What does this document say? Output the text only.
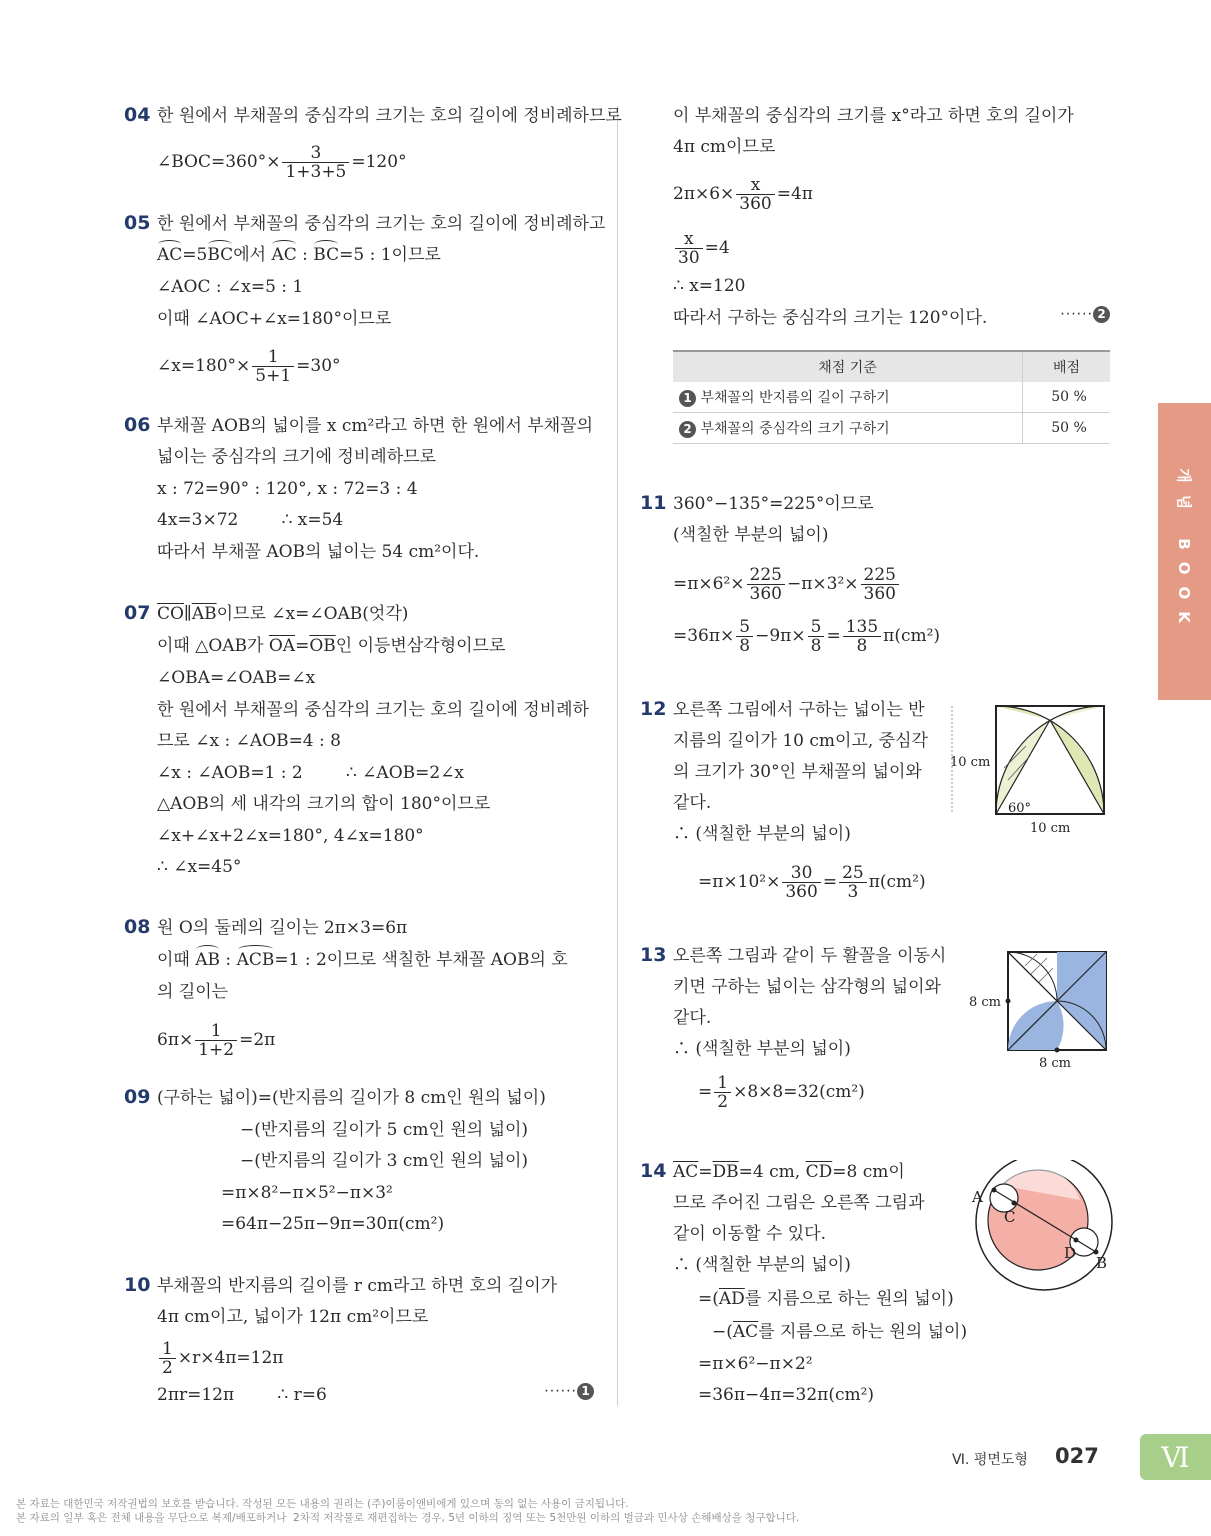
04 한 원에서 부채꼴의 중심각의 크기는 호의 길이에 정비례하므로
∠BOC=360°× $\frac{3}{1+3+5} =120^\circ$
05 한 원에서 부채꼴의 중심각의 크기는 호의 길이에 정비례하고
AC=5BC에서 AC : BC=5 : 1이므로
∠AOC : ∠x=5 : 1
이때 ∠AOC+∠x=180°이므로
∠x=180°× $\frac{1}{5+1} =30^\circ$
06 부채꼴 AOB의 넓이를 x cm²라고 하면 한 원에서 부채꼴의
넓이는 중심각의 크기에 정비례하므로
x : 72=90° : 120°, x : 72=3 : 4
4x=3×72        ∴ x=54
따라서 부채꼴 AOB의 넓이는 54 cm²이다.
07 $\overline{CO}\parallel\overline{AB}$이므로 ∠x=∠OAB(엇각)
이때 △OAB가 $\overline{OA}=\overline{OB}$인 이등변삼각형이므로
∠OBA=∠OAB=∠x
한 원에서 부채꼴의 중심각의 크기는 호의 길이에 정비례하
므로 ∠x : ∠AOB=4 : 8
∠x : ∠AOB=1 : 2        ∴ ∠AOB=2∠x
△AOB의 세 내각의 크기의 합이 180°이므로
∠x+∠x+2∠x=180°, 4∠x=180°
∴ ∠x=45°
08 원 O의 둘레의 길이는 2π×3=6π
이때 AB : ACB=1 : 2이므로 색칠한 부채꼴 AOB의 호
의 길이는
$6\pi\times \frac{1}{1+2} =2\pi$
09 (구하는 넓이)=(반지름의 길이가 8 cm인 원의 넓이)
−(반지름의 길이가 5 cm인 원의 넓이)
−(반지름의 길이가 3 cm인 원의 넓이)
=π×8²−π×5²−π×3²
=64π−25π−9π=30π(cm²)
10 부채꼴의 반지름의 길이를 r cm라고 하면 호의 길이가
4π cm이고, 넓이가 12π cm²이므로
$\frac{1}{2} \times r\times 4\pi=12\pi$
2πr=12π        ∴ r=6	······ 1
이 부채꼴의 중심각의 크기를 x°라고 하면 호의 길이가
4π cm이므로
$2\pi\times 6\times \frac{x}{360} =4\pi$
$\frac{x}{30} =4$
∴ x=120
따라서 구하는 중심각의 크기는 120°이다.	······ 2
채점 기준	배점
1 부채꼴의 반지름의 길이 구하기	50 %
2 부채꼴의 중심각의 크기 구하기	50 %
11 360°−135°=225°이므로
(색칠한 부분의 넓이)
$=\pi\times 6^2\times \frac{225}{360} -\pi\times 3^2\times \frac{225}{360}$
$=36\pi\times \frac{5}{8} -9\pi\times \frac{5}{8} = \frac{135}{8} \pi(cm^2)$
12 오른쪽 그림에서 구하는 넓이는 반
지름의 길이가 10 cm이고, 중심각
의 크기가 30°인 부채꼴의 넓이와
같다.
∴ (색칠한 부분의 넓이)
$=\pi\times 10^2\times \frac{30}{360} = \frac{25}{3} \pi(cm^2)$
10 cm
60°
10 cm
13 오른쪽 그림과 같이 두 활꼴을 이동시
키면 구하는 넓이는 삼각형의 넓이와
같다.
∴ (색칠한 부분의 넓이)
= $\frac{1}{2} \times 8\times 8=32(cm^2)$
8 cm
8 cm
14 $\overline{AC}=\overline{DB}=4$ cm, $\overline{CD}=8$ cm이
므로 주어진 그림은 오른쪽 그림과
같이 이동할 수 있다.
∴ (색칠한 부분의 넓이)
$=(\overline{AD}$를 지름으로 하는 원의 넓이)
$-(\overline{AC}$를 지름으로 하는 원의 넓이)
=π×6²−π×2²
=36π−4π=32π(cm²)
A
C
D
B
개념 BOOK
Ⅵ. 평면도형 027	Ⅵ
본 자료는 대한민국 저작권법의 보호를 받습니다. 작성된 모든 내용의 권리는 (주)이룸이앤비에게 있으며 동의 없는 사용이 금지됩니다.
본 자료의 일부 혹은 전체 내용을 무단으로 복제/배포하거나  2차적 저작물로 재편집하는 경우, 5년 이하의 징역 또는 5천만원 이하의 벌금과 민사상 손해배상을 청구합니다.
